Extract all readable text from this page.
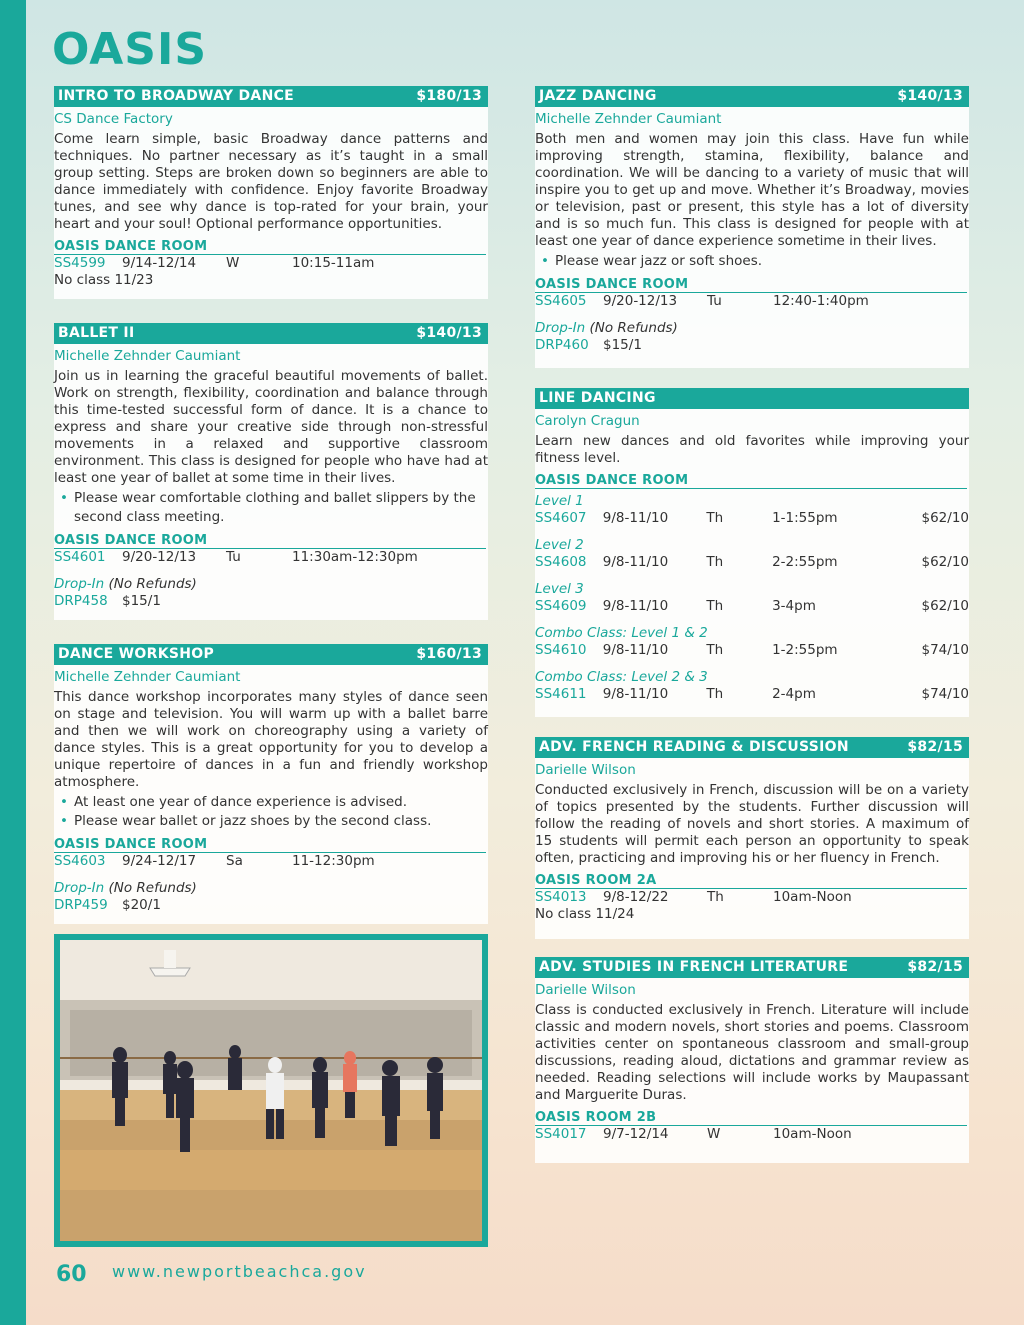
OASIS
INTRO TO BROADWAY DANCE	$180/13
CS Dance Factory
Come learn simple, basic Broadway dance patterns and techniques. No partner necessary as it’s taught in a small group setting. Steps are broken down so beginners are able to dance immediately with confidence. Enjoy favorite Broadway tunes, and see why dance is top-rated for your brain, your heart and your soul! Optional performance opportunities.
OASIS DANCE ROOM
SS4599	9/14-12/14	W	10:15-11am
No class 11/23
BALLET II	$140/13
Michelle Zehnder Caumiant
Join us in learning the graceful beautiful movements of ballet. Work on strength, flexibility, coordination and balance through this time-tested successful form of dance. It is a chance to express and share your creative side through non-stressful movements in a relaxed and supportive classroom environment. This class is designed for people who have had at least one year of ballet at some time in their lives.
• Please wear comfortable clothing and ballet slippers by the second class meeting.
OASIS DANCE ROOM
SS4601	9/20-12/13	Tu	11:30am-12:30pm
Drop-In (No Refunds)
DRP458	$15/1
DANCE WORKSHOP	$160/13
Michelle Zehnder Caumiant
This dance workshop incorporates many styles of dance seen on stage and television. You will warm up with a ballet barre and then we will work on choreography using a variety of dance styles. This is a great opportunity for you to develop a unique repertoire of dances in a fun and friendly workshop atmosphere.
• At least one year of dance experience is advised.
• Please wear ballet or jazz shoes by the second class.
OASIS DANCE ROOM
SS4603	9/24-12/17	Sa	11-12:30pm
Drop-In (No Refunds)
DRP459	$20/1
JAZZ DANCING	$140/13
Michelle Zehnder Caumiant
Both men and women may join this class. Have fun while improving strength, stamina, flexibility, balance and coordination. We will be dancing to a variety of music that will inspire you to get up and move. Whether it’s Broadway, movies or television, past or present, this style has a lot of diversity and is so much fun. This class is designed for people with at least one year of dance experience sometime in their lives.
• Please wear jazz or soft shoes.
OASIS DANCE ROOM
SS4605	9/20-12/13	Tu	12:40-1:40pm
Drop-In (No Refunds)
DRP460	$15/1
LINE DANCING
Carolyn Cragun
Learn new dances and old favorites while improving your fitness level.
OASIS DANCE ROOM
Level 1
SS4607	9/8-11/10	Th	1-1:55pm	$62/10
Level 2
SS4608	9/8-11/10	Th	2-2:55pm	$62/10
Level 3
SS4609	9/8-11/10	Th	3-4pm	$62/10
Combo Class: Level 1 & 2
SS4610	9/8-11/10	Th	1-2:55pm	$74/10
Combo Class: Level 2 & 3
SS4611	9/8-11/10	Th	2-4pm	$74/10
ADV. FRENCH READING & DISCUSSION	$82/15
Darielle Wilson
Conducted exclusively in French, discussion will be on a variety of topics presented by the students. Further discussion will follow the reading of novels and short stories. A maximum of 15 students will permit each person an opportunity to speak often, practicing and improving his or her fluency in French.
OASIS ROOM 2A
SS4013	9/8-12/22	Th	10am-Noon
No class 11/24
ADV. STUDIES IN FRENCH LITERATURE	$82/15
Darielle Wilson
Class is conducted exclusively in French. Literature will include classic and modern novels, short stories and poems. Classroom activities center on spontaneous classroom and small-group discussions, reading aloud, dictations and grammar review as needed. Reading selections will include works by Maupassant and Marguerite Duras.
OASIS ROOM 2B
SS4017	9/7-12/14	W	10am-Noon
60 www.newportbeachca.gov
